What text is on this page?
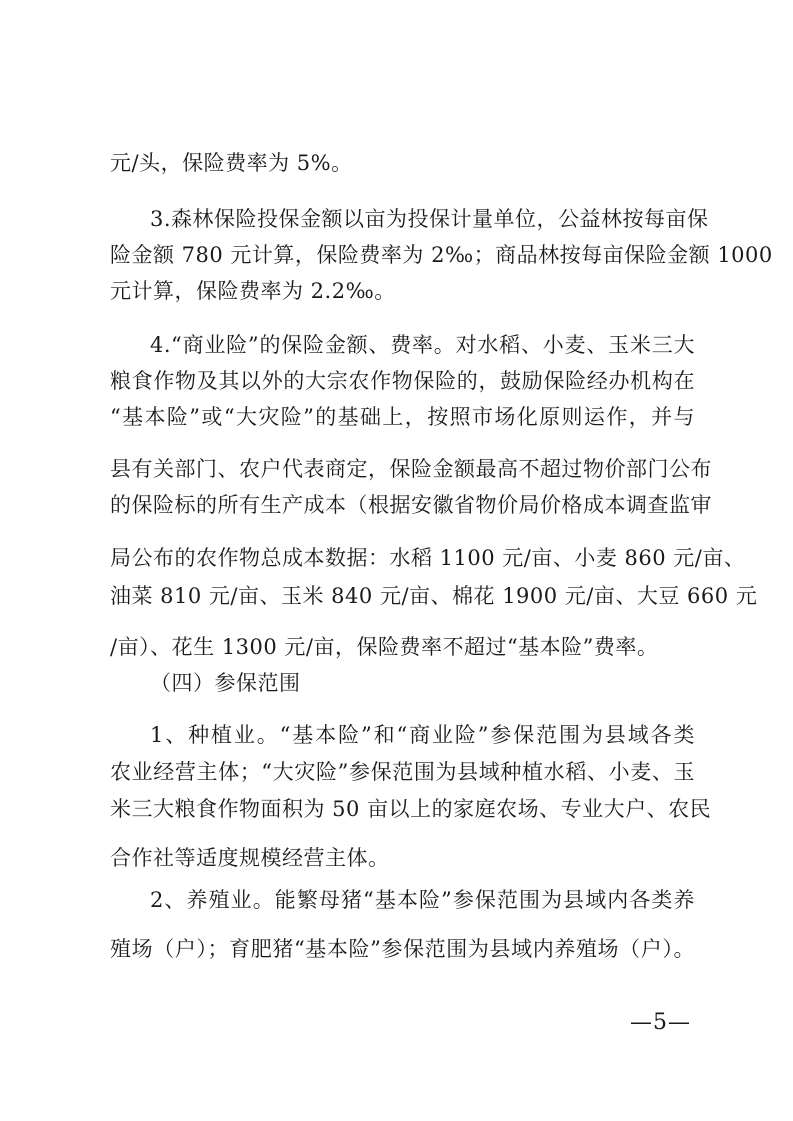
元/头，保险费率为 5%。
3.森林保险投保金额以亩为投保计量单位，公益林按每亩保
险金额 780 元计算，保险费率为 2‰；商品林按每亩保险金额 1000
元计算，保险费率为 2.2‰。
4.“商业险”的保险金额、费率。对水稻、小麦、玉米三大
粮食作物及其以外的大宗农作物保险的，鼓励保险经办机构在
“基本险”或“大灾险”的基础上，按照市场化原则运作，并与
县有关部门、农户代表商定，保险金额最高不超过物价部门公布
的保险标的所有生产成本（根据安徽省物价局价格成本调查监审
局公布的农作物总成本数据：水稻 1100 元/亩、小麦 860 元/亩、
油菜 810 元/亩、玉米 840 元/亩、棉花 1900 元/亩、大豆 660 元
/亩）、花生 1300 元/亩，保险费率不超过“基本险”费率。
（四）参保范围
1、种植业。“基本险”和“商业险”参保范围为县域各类
农业经营主体；“大灾险”参保范围为县域种植水稻、小麦、玉
米三大粮食作物面积为 50 亩以上的家庭农场、专业大户、农民
合作社等适度规模经营主体。
2、养殖业。能繁母猪“基本险”参保范围为县域内各类养
殖场（户）；育肥猪“基本险”参保范围为县域内养殖场（户）。
—5—
